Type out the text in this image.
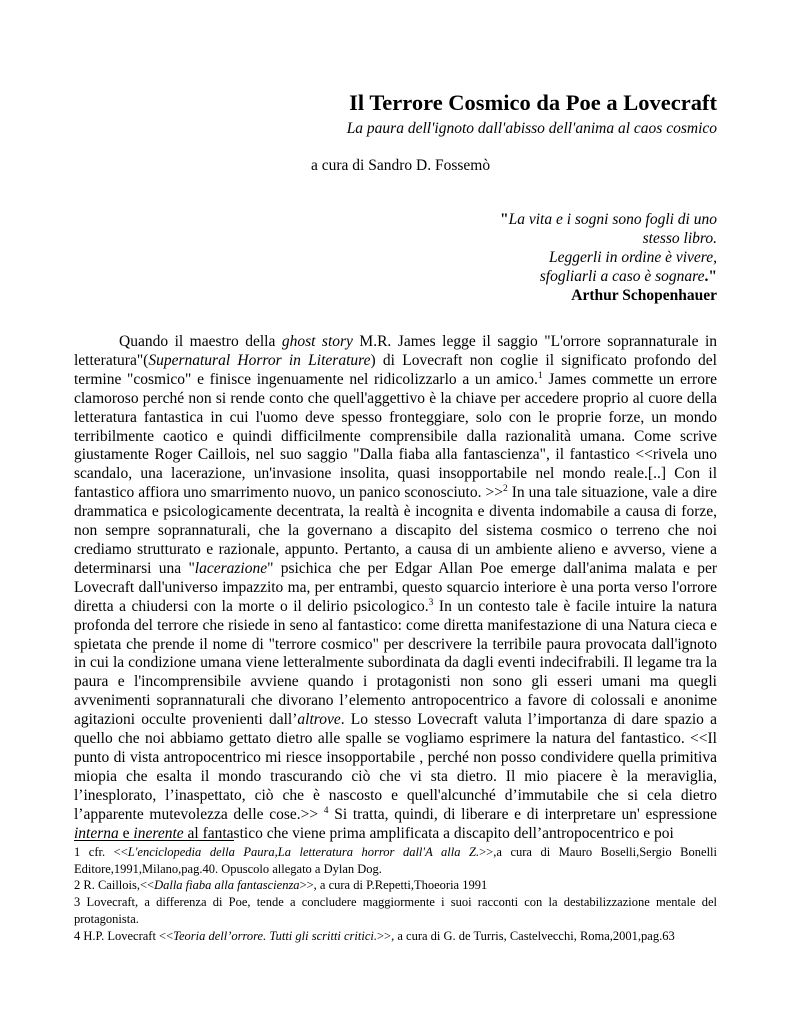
Il Terrore Cosmico da Poe a Lovecraft
La paura dell'ignoto dall'abisso dell'anima al caos cosmico
a cura di Sandro D. Fossemò
"La vita e i sogni sono fogli di uno
stesso libro.
Leggerli in ordine è vivere,
sfogliarli a caso è sognare."
Arthur Schopenhauer
Quando il maestro della ghost story M.R. James legge il saggio "L'orrore soprannaturale in letteratura"(Supernatural Horror in Literature) di Lovecraft non coglie il significato profondo del termine "cosmico" e finisce ingenuamente nel ridicolizzarlo a un amico.$^1$ James commette un errore clamoroso perché non si rende conto che quell'aggettivo è la chiave per accedere proprio al cuore della letteratura fantastica in cui l'uomo deve spesso fronteggiare, solo con le proprie forze, un mondo terribilmente caotico e quindi difficilmente comprensibile dalla razionalità umana. Come scrive giustamente Roger Caillois, nel suo saggio "Dalla fiaba alla fantascienza", il fantastico <<rivela uno scandalo, una lacerazione, un'invasione insolita, quasi insopportabile nel mondo reale.[..] Con il fantastico affiora uno smarrimento nuovo, un panico sconosciuto. >>$^2$ In una tale situazione, vale a dire drammatica e psicologicamente decentrata, la realtà è incognita e diventa indomabile a causa di forze, non sempre soprannaturali, che la governano a discapito del sistema cosmico o terreno che noi crediamo strutturato e razionale, appunto. Pertanto, a causa di un ambiente alieno e avverso, viene a determinarsi una "lacerazione" psichica che per Edgar Allan Poe emerge dall'anima malata e per Lovecraft dall'universo impazzito ma, per entrambi, questo squarcio interiore è una porta verso l'orrore diretta a chiudersi con la morte o il delirio psicologico.$^3$ In un contesto tale è facile intuire la natura profonda del terrore che risiede in seno al fantastico: come diretta manifestazione di una Natura cieca e spietata che prende il nome di "terrore cosmico" per descrivere la terribile paura provocata dall'ignoto in cui la condizione umana viene letteralmente subordinata da dagli eventi indecifrabili. Il legame tra la paura e l'incomprensibile avviene quando i protagonisti non sono gli esseri umani ma quegli avvenimenti soprannaturali che divorano l’elemento antropocentrico a favore di colossali e anonime agitazioni occulte provenienti dall’altrove. Lo stesso Lovecraft valuta l’importanza di dare spazio a quello che noi abbiamo gettato dietro alle spalle se vogliamo esprimere la natura del fantastico. <<Il punto di vista antropocentrico mi riesce insopportabile , perché non posso condividere quella primitiva miopia che esalta il mondo trascurando ciò che vi sta dietro. Il mio piacere è la meraviglia, l’inesplorato, l’inaspettato, ciò che è nascosto e quell'alcunché d’immutabile che si cela dietro l’apparente mutevolezza delle cose.>> $^4$ Si tratta, quindi, di liberare e di interpretare un' espressione interna e inerente al fantastico che viene prima amplificata a discapito dell’antropocentrico e poi
1 cfr. <<L'enciclopedia della Paura,La letteratura horror dall'A alla Z.>>,a cura di Mauro Boselli,Sergio Bonelli Editore,1991,Milano,pag.40. Opuscolo allegato a Dylan Dog.
2 R. Caillois,<<Dalla fiaba alla fantascienza>>, a cura di P.Repetti,Thoeoria 1991
3 Lovecraft, a differenza di Poe, tende a concludere maggiormente i suoi racconti con la destabilizzazione mentale del protagonista.
4 H.P. Lovecraft <<Teoria dell’orrore. Tutti gli scritti critici.>>, a cura di G. de Turris, Castelvecchi, Roma,2001,pag.63
